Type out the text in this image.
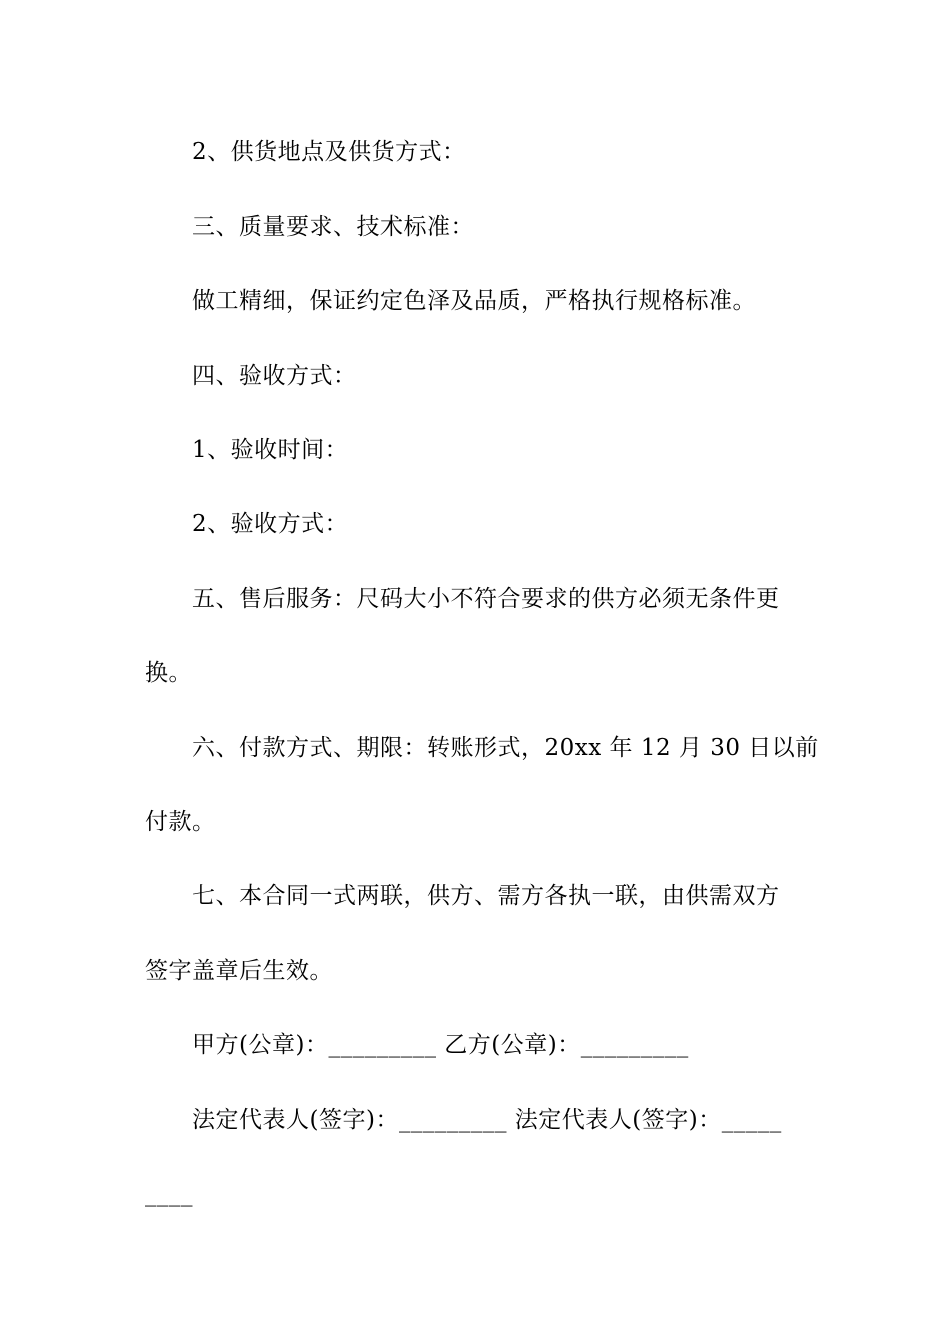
2、供货地点及供货方式：
三、质量要求、技术标准：
做工精细，保证约定色泽及品质，严格执行规格标准。
四、验收方式：
1、验收时间：
2、验收方式：
五、售后服务：尺码大小不符合要求的供方必须无条件更
换。
六、付款方式、期限：转账形式，20xx 年 12 月 30 日以前
付款。
七、本合同一式两联，供方、需方各执一联，由供需双方
签字盖章后生效。
甲方(公章)：_________ 乙方(公章)：_________
法定代表人(签字)：_________ 法定代表人(签字)：_____
____
